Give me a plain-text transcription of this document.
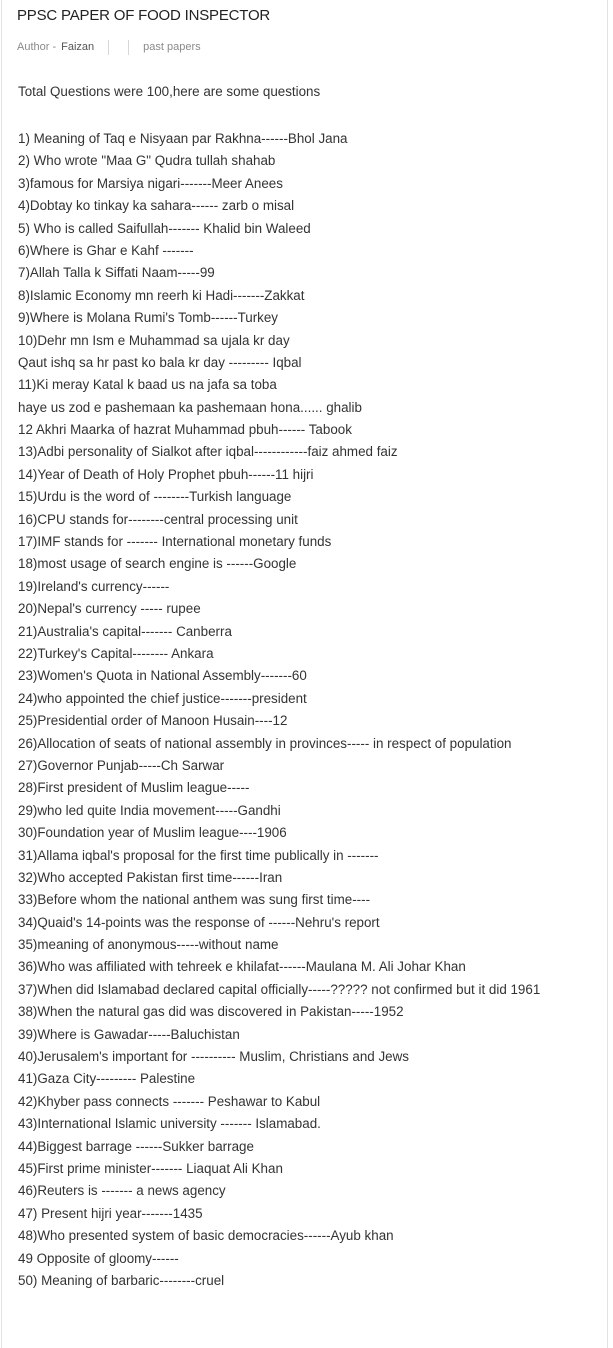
PPSC PAPER OF FOOD INSPECTOR
Author - Faizan	past papers
Total Questions were 100,here are some questions
1) Meaning of Taq e Nisyaan par Rakhna------Bhol Jana
2) Who wrote "Maa G" Qudra tullah shahab
3)famous for Marsiya nigari-------Meer Anees
4)Dobtay ko tinkay ka sahara------ zarb o misal
5) Who is called Saifullah------- Khalid bin Waleed
6)Where is Ghar e Kahf -------
7)Allah Talla k Siffati Naam-----99
8)Islamic Economy mn reerh ki Hadi-------Zakkat
9)Where is Molana Rumi's Tomb------Turkey
10)Dehr mn Ism e Muhammad sa ujala kr day
Qaut ishq sa hr past ko bala kr day --------- Iqbal
11)Ki meray Katal k baad us na jafa sa toba
haye us zod e pashemaan ka pashemaan hona...... ghalib
12 Akhri Maarka of hazrat Muhammad pbuh------ Tabook
13)Adbi personality of Sialkot after iqbal------------faiz ahmed faiz
14)Year of Death of Holy Prophet pbuh------11 hijri
15)Urdu is the word of --------Turkish language
16)CPU stands for--------central processing unit
17)IMF stands for ------- International monetary funds
18)most usage of search engine is ------Google
19)Ireland's currency------
20)Nepal's currency ----- rupee
21)Australia's capital------- Canberra
22)Turkey's Capital-------- Ankara
23)Women's Quota in National Assembly-------60
24)who appointed the chief justice-------president
25)Presidential order of Manoon Husain----12
26)Allocation of seats of national assembly in provinces----- in respect of population
27)Governor Punjab-----Ch Sarwar
28)First president of Muslim league-----
29)who led quite India movement-----Gandhi
30)Foundation year of Muslim league----1906
31)Allama iqbal's proposal for the first time publically in -------
32)Who accepted Pakistan first time------Iran
33)Before whom the national anthem was sung first time----
34)Quaid's 14-points was the response of ------Nehru's report
35)meaning of anonymous-----without name
36)Who was affiliated with tehreek e khilafat------Maulana M. Ali Johar Khan
37)When did Islamabad declared capital officially-----????? not confirmed but it did 1961
38)When the natural gas did was discovered in Pakistan-----1952
39)Where is Gawadar-----Baluchistan
40)Jerusalem's important for ---------- Muslim, Christians and Jews
41)Gaza City--------- Palestine
42)Khyber pass connects ------- Peshawar to Kabul
43)International Islamic university ------- Islamabad.
44)Biggest barrage ------Sukker barrage
45)First prime minister------- Liaquat Ali Khan
46)Reuters is ------- a news agency
47) Present hijri year-------1435
48)Who presented system of basic democracies------Ayub khan
49 Opposite of gloomy------
50) Meaning of barbaric--------cruel
